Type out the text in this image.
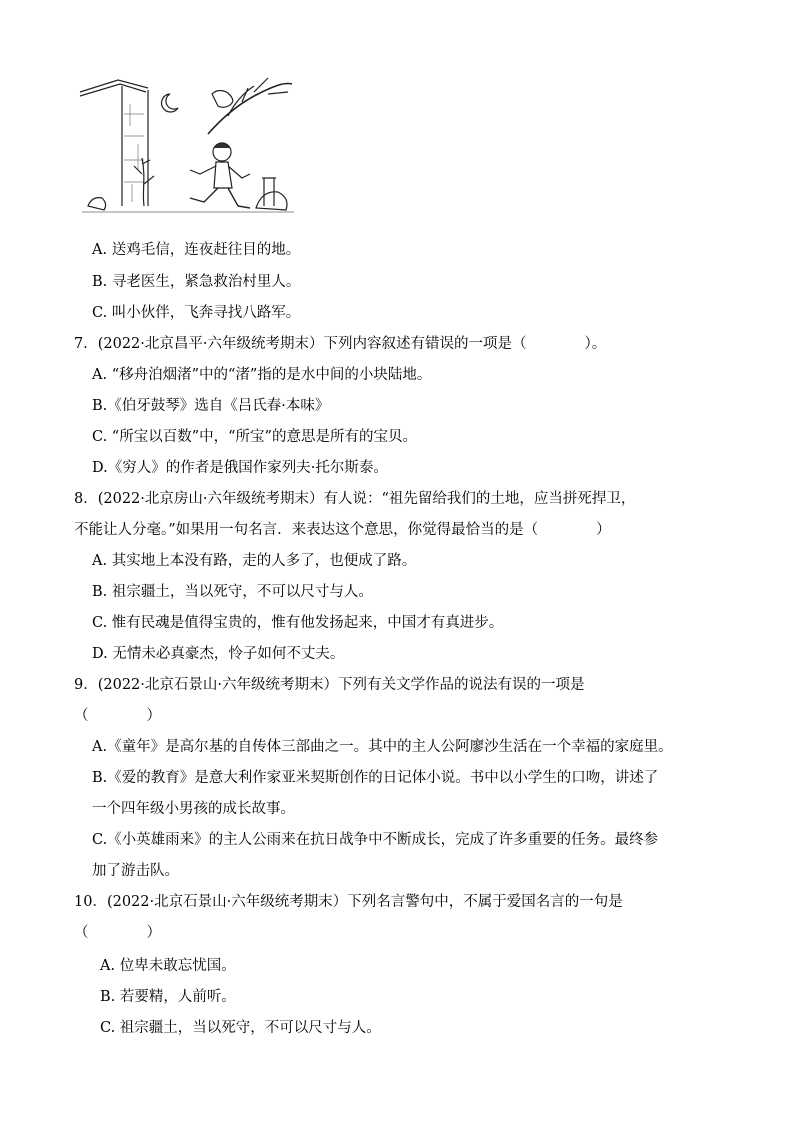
A. 送鸡毛信，连夜赶往目的地。
B. 寻老医生，紧急救治村里人。
C. 叫小伙伴，飞奔寻找八路军。
7．(2022·北京昌平·六年级统考期末）下列内容叙述有错误的一项是（　　　　）。
A. “移舟泊烟渚”中的“渚”指的是水中间的小块陆地。
B.《伯牙鼓琴》选自《吕氏春·本味》
C. “所宝以百数”中，“所宝”的意思是所有的宝贝。
D.《穷人》的作者是俄国作家列夫·托尔斯泰。
8．(2022·北京房山·六年级统考期末）有人说：“祖先留给我们的土地，应当拼死捍卫，
不能让人分毫。”如果用一句名言．来表达这个意思，你觉得最恰当的是（　　　　）
A. 其实地上本没有路，走的人多了，也便成了路。
B. 祖宗疆土，当以死守，不可以尺寸与人。
C. 惟有民魂是值得宝贵的，惟有他发扬起来，中国才有真进步。
D. 无情未必真豪杰，怜子如何不丈夫。
9．(2022·北京石景山·六年级统考期末）下列有关文学作品的说法有误的一项是
（　　　　）
A.《童年》是高尔基的自传体三部曲之一。其中的主人公阿廖沙生活在一个幸福的家庭里。
B.《爱的教育》是意大利作家亚米契斯创作的日记体小说。书中以小学生的口吻，讲述了
一个四年级小男孩的成长故事。
C.《小英雄雨来》的主人公雨来在抗日战争中不断成长，完成了许多重要的任务。最终参
加了游击队。
10．(2022·北京石景山·六年级统考期末）下列名言警句中，不属于爱国名言的一句是
（　　　　）
A. 位卑未敢忘忧国。
B. 若要精，人前听。
C. 祖宗疆土，当以死守，不可以尺寸与人。
